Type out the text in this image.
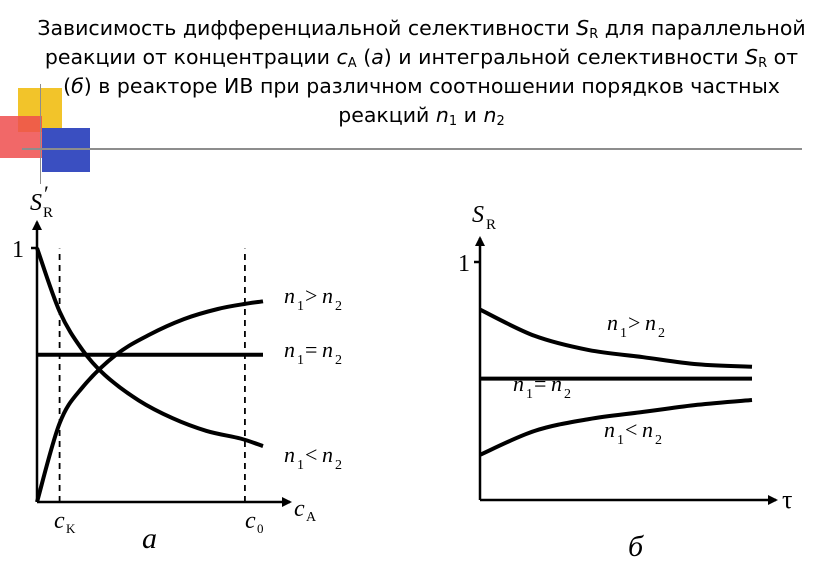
Зависимость дифференциальной селективности $S_R$ для параллельной
реакции от концентрации $c_A$ (а) и интегральной селективности $S_R$ от
(б) в реакторе ИВ при различном соотношении порядков частных
реакций $n_1$ и $n_2$
1
S ′
R
c A
c K	c 0
а
n 1 > n 2
n 1 = n 2
n 1 < n 2
1
S R
τ
б
n 1 > n 2
n 1 = n 2
n 1 < n 2
